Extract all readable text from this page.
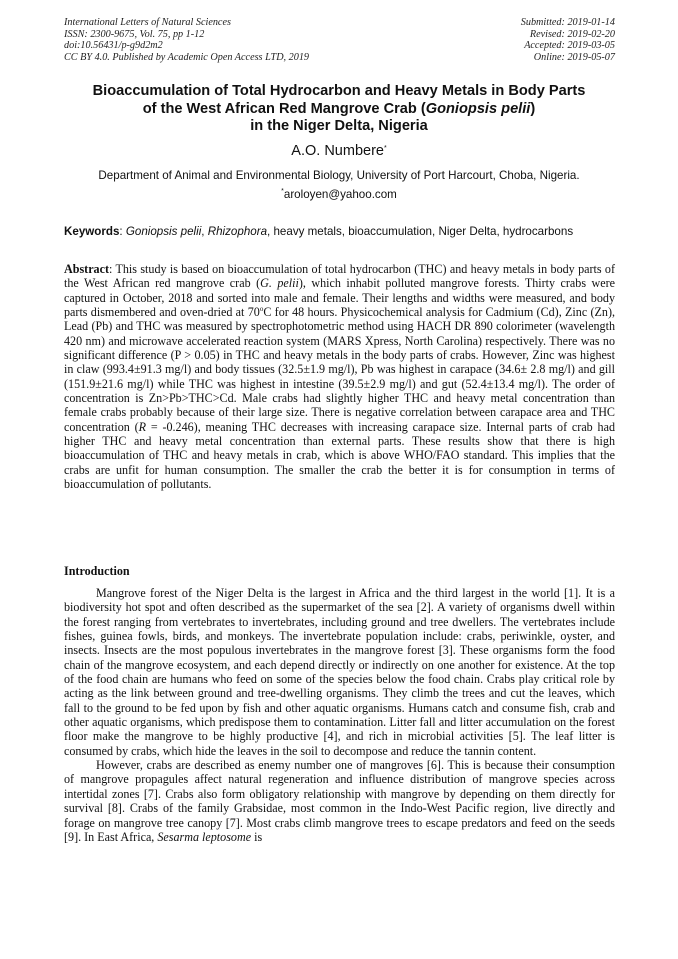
International Letters of Natural Sciences
ISSN: 2300-9675, Vol. 75, pp 1-12
doi:10.56431/p-g9d2m2
CC BY 4.0. Published by Academic Open Access LTD, 2019
Submitted: 2019-01-14
Revised: 2019-02-20
Accepted: 2019-03-05
Online: 2019-05-07
Bioaccumulation of Total Hydrocarbon and Heavy Metals in Body Parts
of the West African Red Mangrove Crab (Goniopsis pelii)
in the Niger Delta, Nigeria
A.O. Numbere*
Department of Animal and Environmental Biology, University of Port Harcourt, Choba, Nigeria.
*aroloyen@yahoo.com
Keywords: Goniopsis pelii, Rhizophora, heavy metals, bioaccumulation, Niger Delta, hydrocarbons
Abstract: This study is based on bioaccumulation of total hydrocarbon (THC) and heavy metals in body parts of the West African red mangrove crab (G. pelii), which inhabit polluted mangrove forests. Thirty crabs were captured in October, 2018 and sorted into male and female. Their lengths and widths were measured, and body parts dismembered and oven-dried at 70$^o$C for 48 hours. Physicochemical analysis for Cadmium (Cd), Zinc (Zn), Lead (Pb) and THC was measured by spectrophotometric method using HACH DR 890 colorimeter (wavelength 420 nm) and microwave accelerated reaction system (MARS Xpress, North Carolina) respectively. There was no significant difference (P > 0.05) in THC and heavy metals in the body parts of crabs. However, Zinc was highest in claw (993.4±91.3 mg/l) and body tissues (32.5±1.9 mg/l), Pb was highest in carapace (34.6± 2.8 mg/l) and gill (151.9±21.6 mg/l) while THC was highest in intestine (39.5±2.9 mg/l) and gut (52.4±13.4 mg/l). The order of concentration is Zn>Pb>THC>Cd. Male crabs had slightly higher THC and heavy metal concentration than female crabs probably because of their large size. There is negative correlation between carapace area and THC concentration (R = -0.246), meaning THC decreases with increasing carapace size. Internal parts of crab had higher THC and heavy metal concentration than external parts. These results show that there is high bioaccumulation of THC and heavy metals in crab, which is above WHO/FAO standard. This implies that the crabs are unfit for human consumption. The smaller the crab the better it is for consumption in terms of bioaccumulation of pollutants.
Introduction

Mangrove forest of the Niger Delta is the largest in Africa and the third largest in the world [1]. It is a biodiversity hot spot and often described as the supermarket of the sea [2]. A variety of organisms dwell within the forest ranging from vertebrates to invertebrates, including ground and tree dwellers. The vertebrates include fishes, guinea fowls, birds, and monkeys. The invertebrate population include: crabs, periwinkle, oyster, and insects. Insects are the most populous invertebrates in the mangrove forest [3]. These organisms form the food chain of the mangrove ecosystem, and each depend directly or indirectly on one another for existence. At the top of the food chain are humans who feed on some of the species below the food chain. Crabs play critical role by acting as the link between ground and tree-dwelling organisms. They climb the trees and cut the leaves, which fall to the ground to be fed upon by fish and other aquatic organisms. Humans catch and consume fish, crab and other aquatic organisms, which predispose them to contamination. Litter fall and litter accumulation on the forest floor make the mangrove to be highly productive [4], and rich in microbial activities [5]. The leaf litter is consumed by crabs, which hide the leaves in the soil to decompose and reduce the tannin content.

However, crabs are described as enemy number one of mangroves [6]. This is because their consumption of mangrove propagules affect natural regeneration and influence distribution of mangrove species across intertidal zones [7]. Crabs also form obligatory relationship with mangrove by depending on them directly for survival [8]. Crabs of the family Grabsidae, most common in the Indo-West Pacific region, live directly and forage on mangrove tree canopy [7]. Most crabs climb mangrove trees to escape predators and feed on the seeds [9]. In East Africa, Sesarma leptosome is
